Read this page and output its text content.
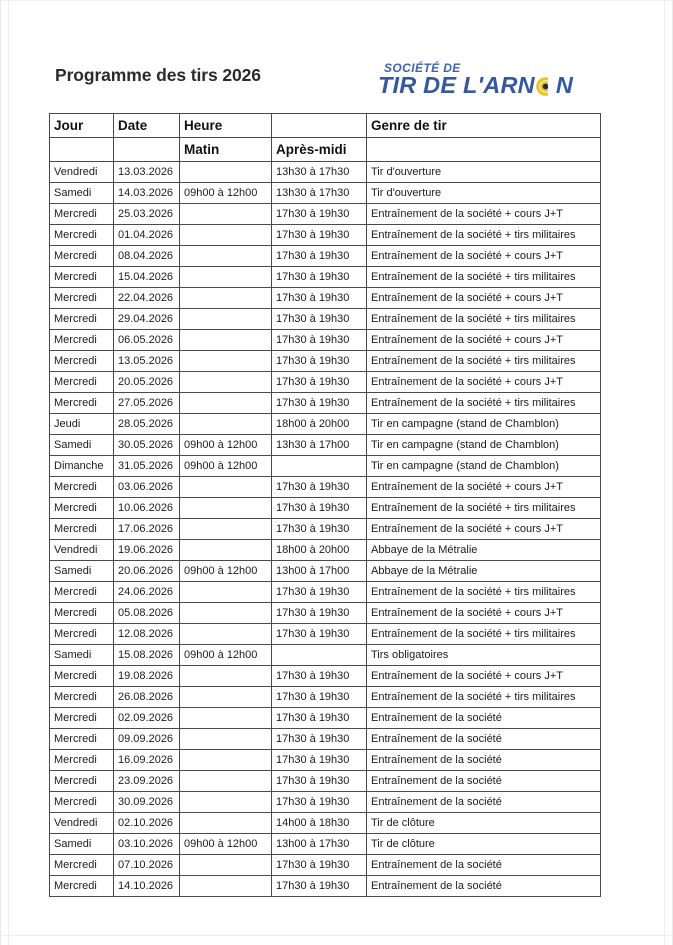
Programme des tirs 2026	SOCIÉTÉ DE
TIR DE L'ARN N
Jour	Date	Heure		Genre de tir
		Matin	Après-midi	
Vendredi	13.03.2026		13h30 à 17h30	Tir d'ouverture
Samedi	14.03.2026	09h00 à 12h00	13h30 à 17h30	Tir d'ouverture
Mercredi	25.03.2026		17h30 à 19h30	Entraînement de la société + cours J+T
Mercredi	01.04.2026		17h30 à 19h30	Entraînement de la société + tirs militaires
Mercredi	08.04.2026		17h30 à 19h30	Entraînement de la société + cours J+T
Mercredi	15.04.2026		17h30 à 19h30	Entraînement de la société + tirs militaires
Mercredi	22.04.2026		17h30 à 19h30	Entraînement de la société + cours J+T
Mercredi	29.04.2026		17h30 à 19h30	Entraînement de la société + tirs militaires
Mercredi	06.05.2026		17h30 à 19h30	Entraînement de la société + cours J+T
Mercredi	13.05.2026		17h30 à 19h30	Entraînement de la société + tirs militaires
Mercredi	20.05.2026		17h30 à 19h30	Entraînement de la société + cours J+T
Mercredi	27.05.2026		17h30 à 19h30	Entraînement de la société + tirs militaires
Jeudi	28.05.2026		18h00 à 20h00	Tir en campagne (stand de Chamblon)
Samedi	30.05.2026	09h00 à 12h00	13h30 à 17h00	Tir en campagne (stand de Chamblon)
Dimanche	31.05.2026	09h00 à 12h00		Tir en campagne (stand de Chamblon)
Mercredi	03.06.2026		17h30 à 19h30	Entraînement de la société + cours J+T
Mercredi	10.06.2026		17h30 à 19h30	Entraînement de la société + tirs militaires
Mercredi	17.06.2026		17h30 à 19h30	Entraînement de la société + cours J+T
Vendredi	19.06.2026		18h00 à 20h00	Abbaye de la Métralie
Samedi	20.06.2026	09h00 à 12h00	13h00 à 17h00	Abbaye de la Métralie
Mercredi	24.06.2026		17h30 à 19h30	Entraînement de la société + tirs militaires
Mercredi	05.08.2026		17h30 à 19h30	Entraînement de la société + cours J+T
Mercredi	12.08.2026		17h30 à 19h30	Entraînement de la société + tirs militaires
Samedi	15.08.2026	09h00 à 12h00		Tirs obligatoires
Mercredi	19.08.2026		17h30 à 19h30	Entraînement de la société + cours J+T
Mercredi	26.08.2026		17h30 à 19h30	Entraînement de la société + tirs militaires
Mercredi	02.09.2026		17h30 à 19h30	Entraînement de la société
Mercredi	09.09.2026		17h30 à 19h30	Entraînement de la société
Mercredi	16.09.2026		17h30 à 19h30	Entraînement de la société
Mercredi	23.09.2026		17h30 à 19h30	Entraînement de la société
Mercredi	30.09.2026		17h30 à 19h30	Entraînement de la société
Vendredi	02.10.2026		14h00 à 18h30	Tir de clôture
Samedi	03.10.2026	09h00 à 12h00	13h00 à 17h30	Tir de clôture
Mercredi	07.10.2026		17h30 à 19h30	Entraînement de la société
Mercredi	14.10.2026		17h30 à 19h30	Entraînement de la société
